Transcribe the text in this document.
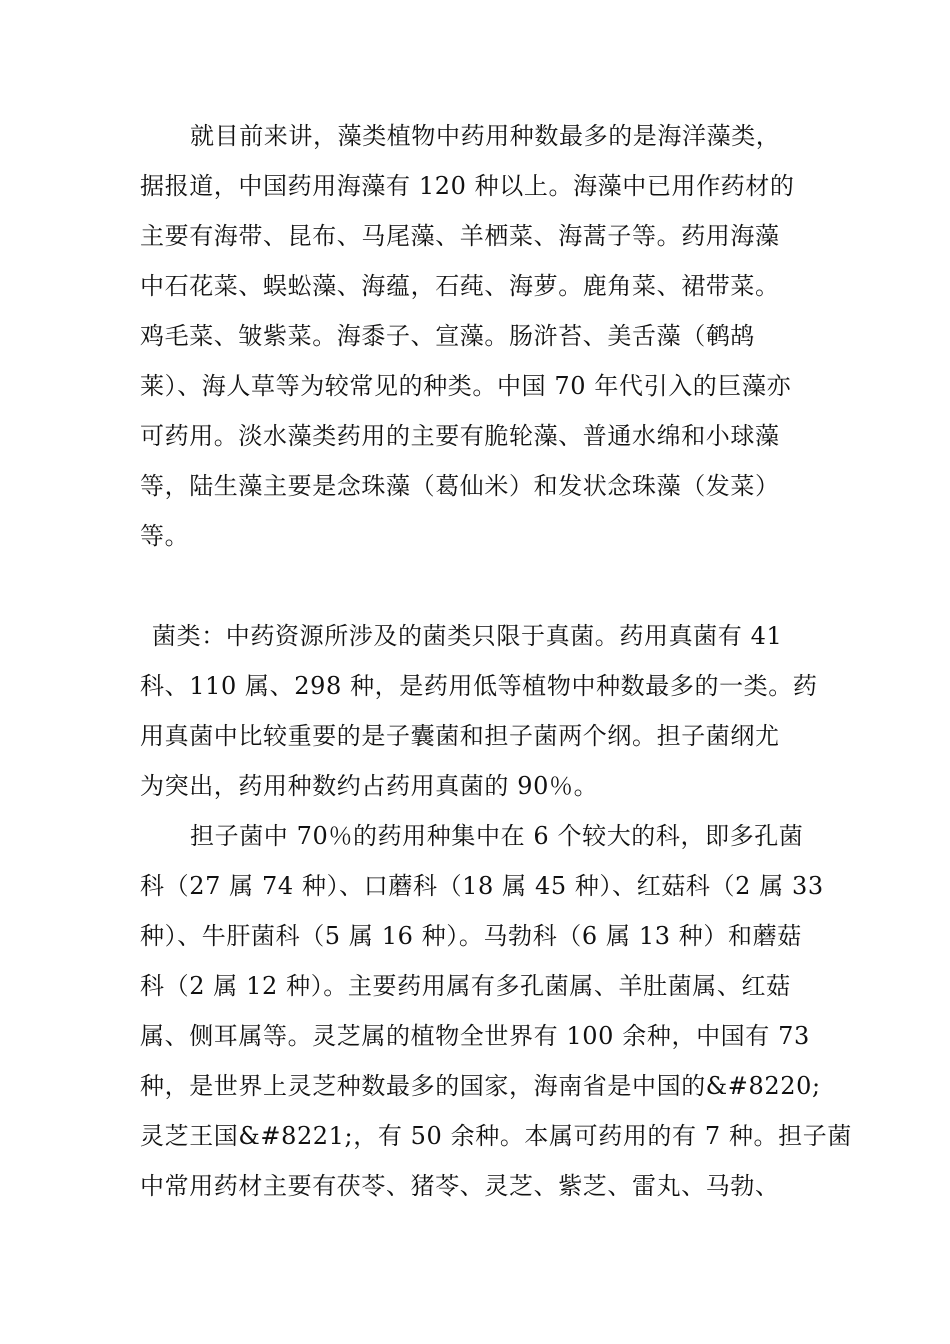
就目前来讲，藻类植物中药用种数最多的是海洋藻类，
据报道，中国药用海藻有 120 种以上。海藻中已用作药材的
主要有海带、昆布、马尾藻、羊栖菜、海蒿子等。药用海藻
中石花菜、蜈蚣藻、海蕴，石莼、海萝。鹿角菜、裙带菜。
鸡毛菜、皱紫菜。海黍子、宣藻。肠浒苔、美舌藻（鹌鸪
莱）、海人草等为较常见的种类。中国 70 年代引入的巨藻亦
可药用。淡水藻类药用的主要有脆轮藻、普通水绵和小球藻
等，陆生藻主要是念珠藻（葛仙米）和发状念珠藻（发菜）
等。
菌类：中药资源所涉及的菌类只限于真菌。药用真菌有 41
科、110 属、298 种，是药用低等植物中种数最多的一类。药
用真菌中比较重要的是子囊菌和担子菌两个纲。担子菌纲尤
为突出，药用种数约占药用真菌的 90％。
担子菌中 70％的药用种集中在 6 个较大的科，即多孔菌
科（27 属 74 种）、口蘑科（18 属 45 种）、红菇科（2 属 33
种）、牛肝菌科（5 属 16 种）。马勃科（6 属 13 种）和蘑菇
科（2 属 12 种）。主要药用属有多孔菌属、羊肚菌属、红菇
属、侧耳属等。灵芝属的植物全世界有 100 余种，中国有 73
种，是世界上灵芝种数最多的国家，海南省是中国的&#8220;
灵芝王国&#8221;，有 50 余种。本属可药用的有 7 种。担子菌
中常用药材主要有茯苓、猪苓、灵芝、紫芝、雷丸、马勃、
